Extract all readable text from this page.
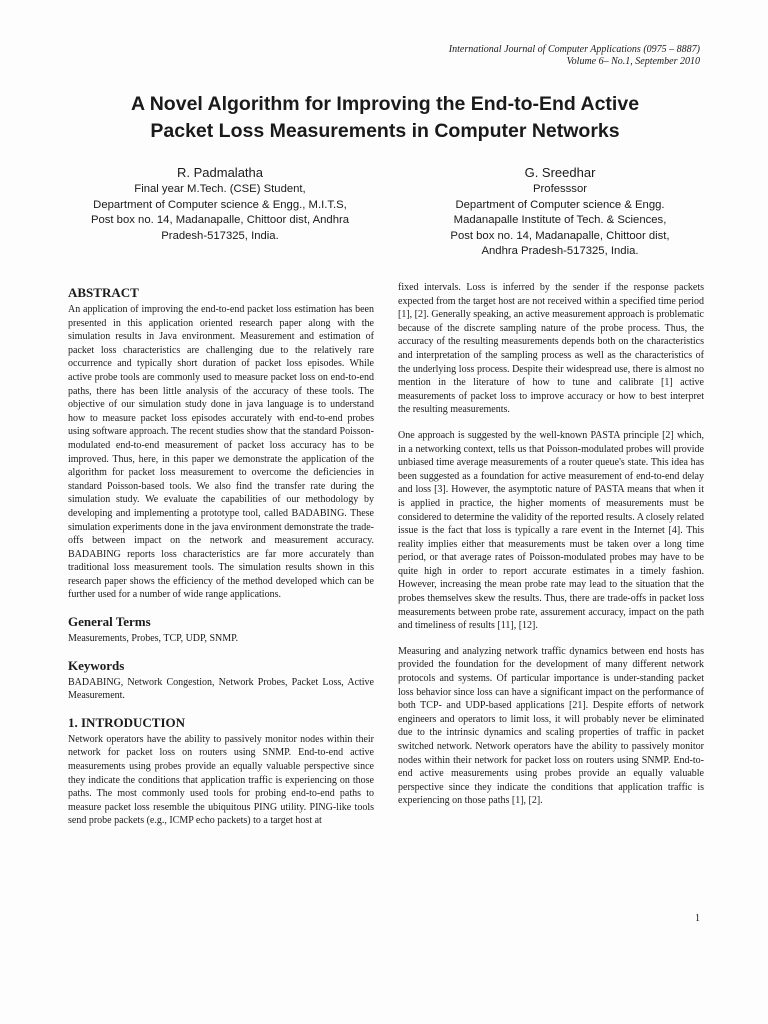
International Journal of Computer Applications (0975 – 8887)
Volume 6– No.1, September 2010
A Novel Algorithm for Improving the End-to-End Active
Packet Loss Measurements in Computer Networks
R. Padmalatha
Final year M.Tech. (CSE) Student,
Department of Computer science & Engg., M.I.T.S,
Post box no. 14, Madanapalle, Chittoor dist, Andhra
Pradesh-517325, India.
G. Sreedhar
Professsor
Department of Computer science & Engg.
Madanapalle Institute of Tech. & Sciences,
Post box no. 14, Madanapalle, Chittoor dist,
Andhra Pradesh-517325, India.
ABSTRACT

An application of improving the end-to-end packet loss estimation has been presented in this application oriented research paper along with the simulation results in Java environment. Measurement and estimation of packet loss characteristics are challenging due to the relatively rare occurrence and typically short duration of packet loss episodes. While active probe tools are commonly used to measure packet loss on end-to-end paths, there has been little analysis of the accuracy of these tools. The objective of our simulation study done in java language is to understand how to measure packet loss episodes accurately with end-to-end probes using software approach. The recent studies show that the standard Poisson-modulated end-to-end measurement of packet loss accuracy has to be improved. Thus, here, in this paper we demonstrate the application of the algorithm for packet loss measurement to overcome the deficiencies in standard Poisson-based tools. We also find the transfer rate during the simulation study. We evaluate the capabilities of our methodology by developing and implementing a prototype tool, called BADABING. These simulation experiments done in the java environment demonstrate the trade-offs between impact on the network and measurement accuracy. BADABING reports loss characteristics are far more accurately than traditional loss measurement tools. The simulation results shown in this research paper shows the efficiency of the method developed which can be further used for a number of wide range applications.

General Terms

Measurements, Probes, TCP, UDP, SNMP.

Keywords

BADABING, Network Congestion, Network Probes, Packet Loss, Active Measurement.

1. INTRODUCTION

Network operators have the ability to passively monitor nodes within their network for packet loss on routers using SNMP. End-to-end active measurements using probes provide an equally valuable perspective since they indicate the conditions that application traffic is experiencing on those paths. The most commonly used tools for probing end-to-end paths to measure packet loss resemble the ubiquitous PING utility. PING-like tools send probe packets (e.g., ICMP echo packets) to a target host at

fixed intervals. Loss is inferred by the sender if the response packets expected from the target host are not received within a specified time period [1], [2]. Generally speaking, an active measurement approach is problematic because of the discrete sampling nature of the probe process. Thus, the accuracy of the resulting measurements depends both on the characteristics and interpretation of the sampling process as well as the characteristics of the underlying loss process. Despite their widespread use, there is almost no mention in the literature of how to tune and calibrate [1] active measurements of packet loss to improve accuracy or how to best interpret the resulting measurements.

One approach is suggested by the well-known PASTA principle [2] which, in a networking context, tells us that Poisson-modulated probes will provide unbiased time average measurements of a router queue's state. This idea has been suggested as a foundation for active measurement of end-to-end delay and loss [3]. However, the asymptotic nature of PASTA means that when it is applied in practice, the higher moments of measurements must be considered to determine the validity of the reported results. A closely related issue is the fact that loss is typically a rare event in the Internet [4]. This reality implies either that measurements must be taken over a long time period, or that average rates of Poisson-modulated probes may have to be quite high in order to report accurate estimates in a timely fashion. However, increasing the mean probe rate may lead to the situation that the probes themselves skew the results. Thus, there are trade-offs in packet loss measurements between probe rate, assurement accuracy, impact on the path and timeliness of results [11], [12].

Measuring and analyzing network traffic dynamics between end hosts has provided the foundation for the development of many different network protocols and systems. Of particular importance is under-standing packet loss behavior since loss can have a significant impact on the performance of both TCP- and UDP-based applications [21]. Despite efforts of network engineers and operators to limit loss, it will probably never be eliminated due to the intrinsic dynamics and scaling properties of traffic in packet switched network. Network operators have the ability to passively monitor nodes within their network for packet loss on routers using SNMP. End-to-end active measurements using probes provide an equally valuable perspective since they indicate the conditions that application traffic is experiencing on those paths [1], [2].

1
